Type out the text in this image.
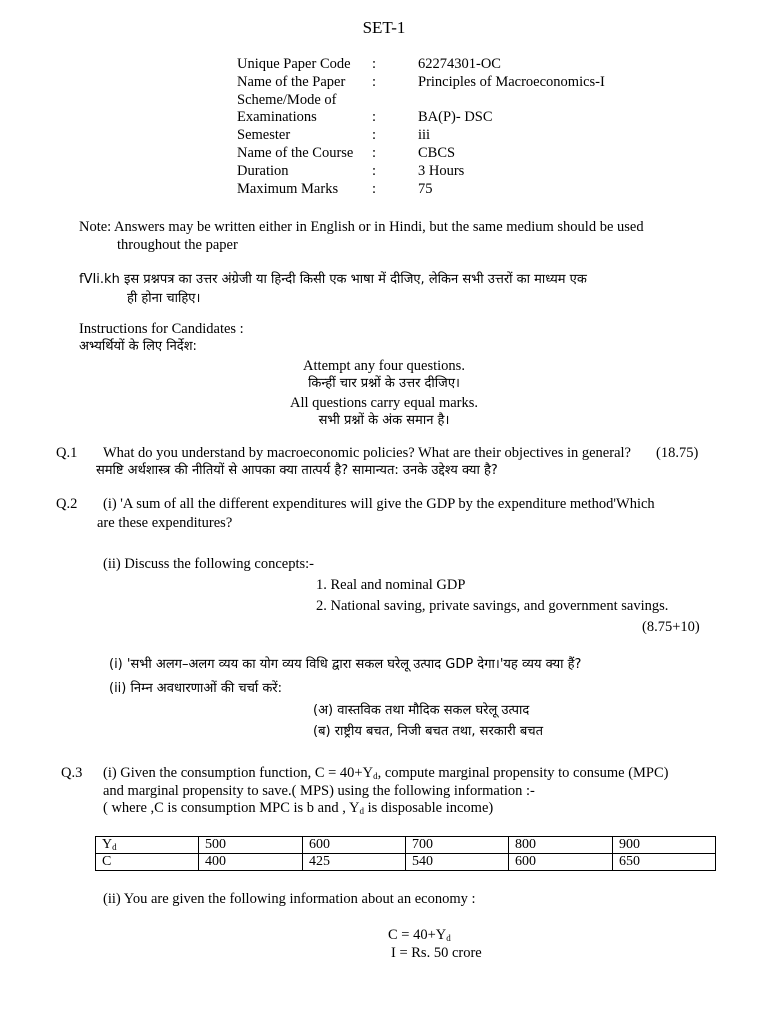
SET-1
Unique Paper Code :	62274301-OC
Name of the Paper :	Principles of Macroeconomics-I
Scheme/Mode of
Examinations	:	BA(P)- DSC
Semester	:	iii
Name of the Course :	CBCS
Duration	:	3 Hours
Maximum Marks :	75
Note: Answers may be written either in English or in Hindi, but the same medium should be used
throughout the paper
fVIi.kh इस प्रश्नपत्र का उत्तर अंग्रेजी या हिन्दी किसी एक भाषा में दीजिए, लेकिन सभी उत्तरों का माध्यम एक
ही होना चाहिए।
Instructions for Candidates :
अभ्यर्थियों के लिए निर्देश:
Attempt any four questions.
किन्हीं चार प्रश्नों के उत्तर दीजिए।
All questions carry equal marks.
सभी प्रश्नों के अंक समान है।
Q.1 What do you understand by macroeconomic policies? What are their objectives in general? (18.75)
समष्टि अर्थशास्त्र की नीतियों से आपका क्या तात्पर्य है? सामान्यत: उनके उद्देश्य क्या है?
Q.2 (i) 'A sum of all the different expenditures will give the GDP by the expenditure method'Which
are these expenditures?
(ii) Discuss the following concepts:-
1. Real and nominal GDP
2. National saving, private savings, and government savings.
(8.75+10)
(i) 'सभी अलग–अलग व्यय का योग व्यय विधि द्वारा सकल घरेलू उत्पाद GDP देगा।'यह व्यय क्या हैं?
(ii) निम्न अवधारणाओं की चर्चा करें:
(अ) वास्तविक तथा मौदिक सकल घरेलू उत्पाद
(ब) राष्ट्रीय बचत, निजी बचत तथा, सरकारी बचत
Q.3 (i) Given the consumption function, $C = 40+Y_d$, compute marginal propensity to consume (MPC)
and marginal propensity to save.( MPS) using the following information :-
( where ,C is consumption MPC is b and , $Y_d$ is disposable income)
$Y_d$	500	600	700	800	900
C	400	425	540	600	650
(ii) You are given the following information about an economy :
$C = 40+Y_d$
I = Rs. 50 crore
